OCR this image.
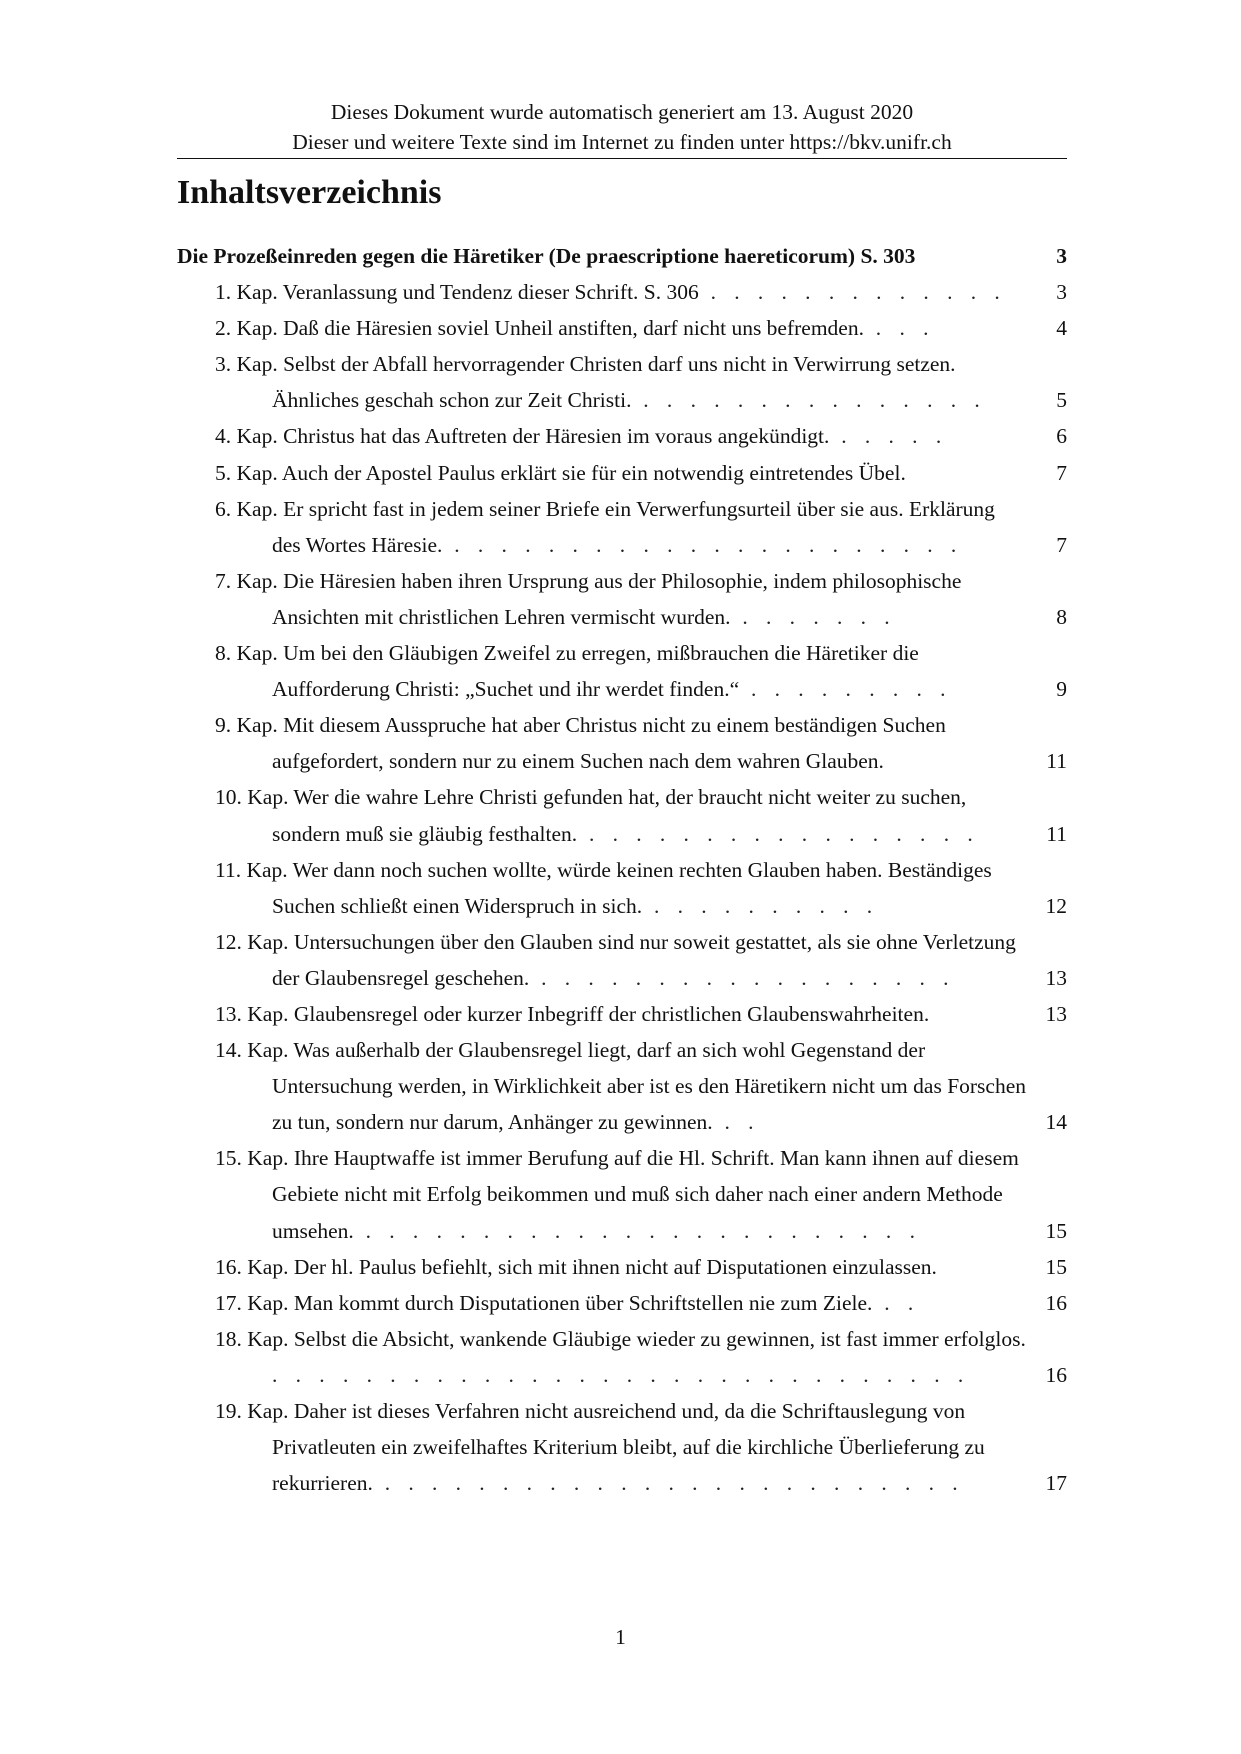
Dieses Dokument wurde automatisch generiert am 13. August 2020
Dieser und weitere Texte sind im Internet zu finden unter https://bkv.unifr.ch
Inhaltsverzeichnis
Die Prozeßeinreden gegen die Häretiker (De praescriptione haereticorum) S. 303	3
1. Kap. Veranlassung und Tendenz dieser Schrift. S. 306 . . . . . . . . . . . . .	3
2. Kap. Daß die Häresien soviel Unheil anstiften, darf nicht uns befremden. . . .	4
3. Kap. Selbst der Abfall hervorragender Christen darf uns nicht in Verwirrung setzen. Ähnliches geschah schon zur Zeit Christi. . . . . . . . . . . . . . . .	5
4. Kap. Christus hat das Auftreten der Häresien im voraus angekündigt. . . . . .	6
5. Kap. Auch der Apostel Paulus erklärt sie für ein notwendig eintretendes Übel.	7
6. Kap. Er spricht fast in jedem seiner Briefe ein Verwerfungsurteil über sie aus. Erklärung des Wortes Häresie. . . . . . . . . . . . . . . . . . . . . . .	7
7. Kap. Die Häresien haben ihren Ursprung aus der Philosophie, indem philosophische Ansichten mit christlichen Lehren vermischt wurden. . . . . . . .	8
8. Kap. Um bei den Gläubigen Zweifel zu erregen, mißbrauchen die Häretiker die Aufforderung Christi: „Suchet und ihr werdet finden.“ . . . . . . . . .	9
9. Kap. Mit diesem Ausspruche hat aber Christus nicht zu einem beständigen Suchen aufgefordert, sondern nur zu einem Suchen nach dem wahren Glauben.	11
10. Kap. Wer die wahre Lehre Christi gefunden hat, der braucht nicht weiter zu suchen, sondern muß sie gläubig festhalten. . . . . . . . . . . . . . . . . .	11
11. Kap. Wer dann noch suchen wollte, würde keinen rechten Glauben haben. Beständiges Suchen schließt einen Widerspruch in sich. . . . . . . . . . .	12
12. Kap. Untersuchungen über den Glauben sind nur soweit gestattet, als sie ohne Verletzung der Glaubensregel geschehen. . . . . . . . . . . . . . . . . . .	13
13. Kap. Glaubensregel oder kurzer Inbegriff der christlichen Glaubenswahrheiten.	13
14. Kap. Was außerhalb der Glaubensregel liegt, darf an sich wohl Gegenstand der Untersuchung werden, in Wirklichkeit aber ist es den Häretikern nicht um das Forschen zu tun, sondern nur darum, Anhänger zu gewinnen. . .	14
15. Kap. Ihre Hauptwaffe ist immer Berufung auf die Hl. Schrift. Man kann ihnen auf diesem Gebiete nicht mit Erfolg beikommen und muß sich daher nach einer andern Methode umsehen. . . . . . . . . . . . . . . . . . . . . . . . .	15
16. Kap. Der hl. Paulus befiehlt, sich mit ihnen nicht auf Disputationen einzulassen.	15
17. Kap. Man kommt durch Disputationen über Schriftstellen nie zum Ziele. . .	16
18. Kap. Selbst die Absicht, wankende Gläubige wieder zu gewinnen, ist fast immer erfolglos. . . . . . . . . . . . . . . . . . . . . . . . . . . . . . .	16
19. Kap. Daher ist dieses Verfahren nicht ausreichend und, da die Schriftauslegung von Privatleuten ein zweifelhaftes Kriterium bleibt, auf die kirchliche Überlieferung zu rekurrieren. . . . . . . . . . . . . . . . . . . . . . . . . .	17
1
